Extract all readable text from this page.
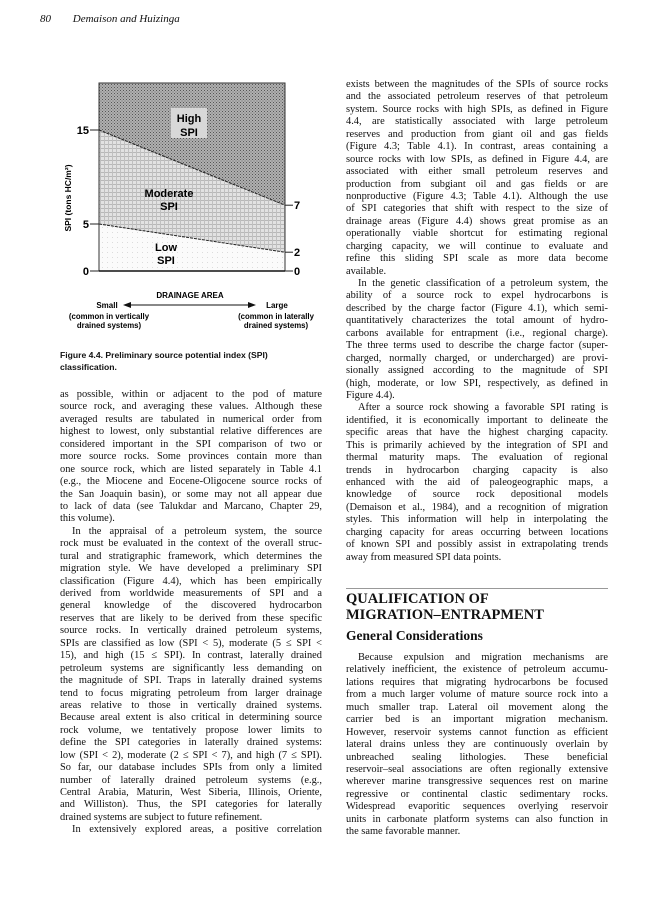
80 Demaison and Huizinga
0
5
15
0
2
7
High
SPI
Moderate
SPI
Low
SPI
SPI (tons HC/m²)
DRAINAGE AREA
Small	Large
(common in vertically
drained systems)
(common in laterally
drained systems)
Figure 4.4. Preliminary source potential index (SPI)
classification.
as possible, within or adjacent to the pod of mature
source rock, and averaging these values. Although these
averaged results are tabulated in numerical order from
highest to lowest, only substantial relative differences are
considered important in the SPI comparison of two or
more source rocks. Some provinces contain more than
one source rock, which are listed separately in Table 4.1
(e.g., the Miocene and Eocene-Oligocene source rocks of
the San Joaquin basin), or some may not all appear due
to lack of data (see Talukdar and Marcano, Chapter 29,
this volume).
In the appraisal of a petroleum system, the source
rock must be evaluated in the context of the overall struc-
tural and stratigraphic framework, which determines the
migration style. We have developed a preliminary SPI
classification (Figure 4.4), which has been empirically
derived from worldwide measurements of SPI and a
general knowledge of the discovered hydrocarbon
reserves that are likely to be derived from these specific
source rocks. In vertically drained petroleum systems,
SPIs are classified as low (SPI < 5), moderate (5 ≤ SPI <
15), and high (15 ≤ SPI). In contrast, laterally drained
petroleum systems are significantly less demanding on
the magnitude of SPI. Traps in laterally drained systems
tend to focus migrating petroleum from larger drainage
areas relative to those in vertically drained systems.
Because areal extent is also critical in determining source
rock volume, we tentatively propose lower limits to
define the SPI categories in laterally drained systems:
low (SPI < 2), moderate (2 ≤ SPI < 7), and high (7 ≤ SPI).
So far, our database includes SPIs from only a limited
number of laterally drained petroleum systems (e.g.,
Central Arabia, Maturin, West Siberia, Illinois, Oriente,
and Williston). Thus, the SPI categories for laterally
drained systems are subject to future refinement.
In extensively explored areas, a positive correlation
exists between the magnitudes of the SPIs of source rocks
and the associated petroleum reserves of that petroleum
system. Source rocks with high SPIs, as defined in Figure
4.4, are statistically associated with large petroleum
reserves and production from giant oil and gas fields
(Figure 4.3; Table 4.1). In contrast, areas containing a
source rocks with low SPIs, as defined in Figure 4.4, are
associated with either small petroleum reserves and
production from subgiant oil and gas fields or are
nonproductive (Figure 4.3; Table 4.1). Although the use
of SPI categories that shift with respect to the size of
drainage areas (Figure 4.4) shows great promise as an
operationally viable shortcut for estimating regional
charging capacity, we will continue to evaluate and
refine this sliding SPI scale as more data become
available.
In the genetic classification of a petroleum system, the
ability of a source rock to expel hydrocarbons is
described by the charge factor (Figure 4.1), which semi-
quantitatively characterizes the total amount of hydro-
carbons available for entrapment (i.e., regional charge).
The three terms used to describe the charge factor (super-
charged, normally charged, or undercharged) are provi-
sionally assigned according to the magnitude of SPI
(high, moderate, or low SPI, respectively, as defined in
Figure 4.4).
After a source rock showing a favorable SPI rating is
identified, it is economically important to delineate the
specific areas that have the highest charging capacity.
This is primarily achieved by the integration of SPI and
thermal maturity maps. The evaluation of regional
trends in hydrocarbon charging capacity is also
enhanced with the aid of paleogeographic maps, a
knowledge of source rock depositional models
(Demaison et al., 1984), and a recognition of migration
styles. This information will help in interpolating the
charging capacity for areas occurring between locations
of known SPI and possibly assist in extrapolating trends
away from measured SPI data points.
QUALIFICATION OF
MIGRATION–ENTRAPMENT
General Considerations
Because expulsion and migration mechanisms are
relatively inefficient, the existence of petroleum accumu-
lations requires that migrating hydrocarbons be focused
from a much larger volume of mature source rock into a
much smaller trap. Lateral oil movement along the
carrier bed is an important migration mechanism.
However, reservoir systems cannot function as efficient
lateral drains unless they are continuously overlain by
unbreached sealing lithologies. These beneficial
reservoir–seal associations are often regionally extensive
wherever marine transgressive sequences rest on marine
regressive or continental clastic sedimentary rocks.
Widespread evaporitic sequences overlying reservoir
units in carbonate platform systems can also function in
the same favorable manner.
